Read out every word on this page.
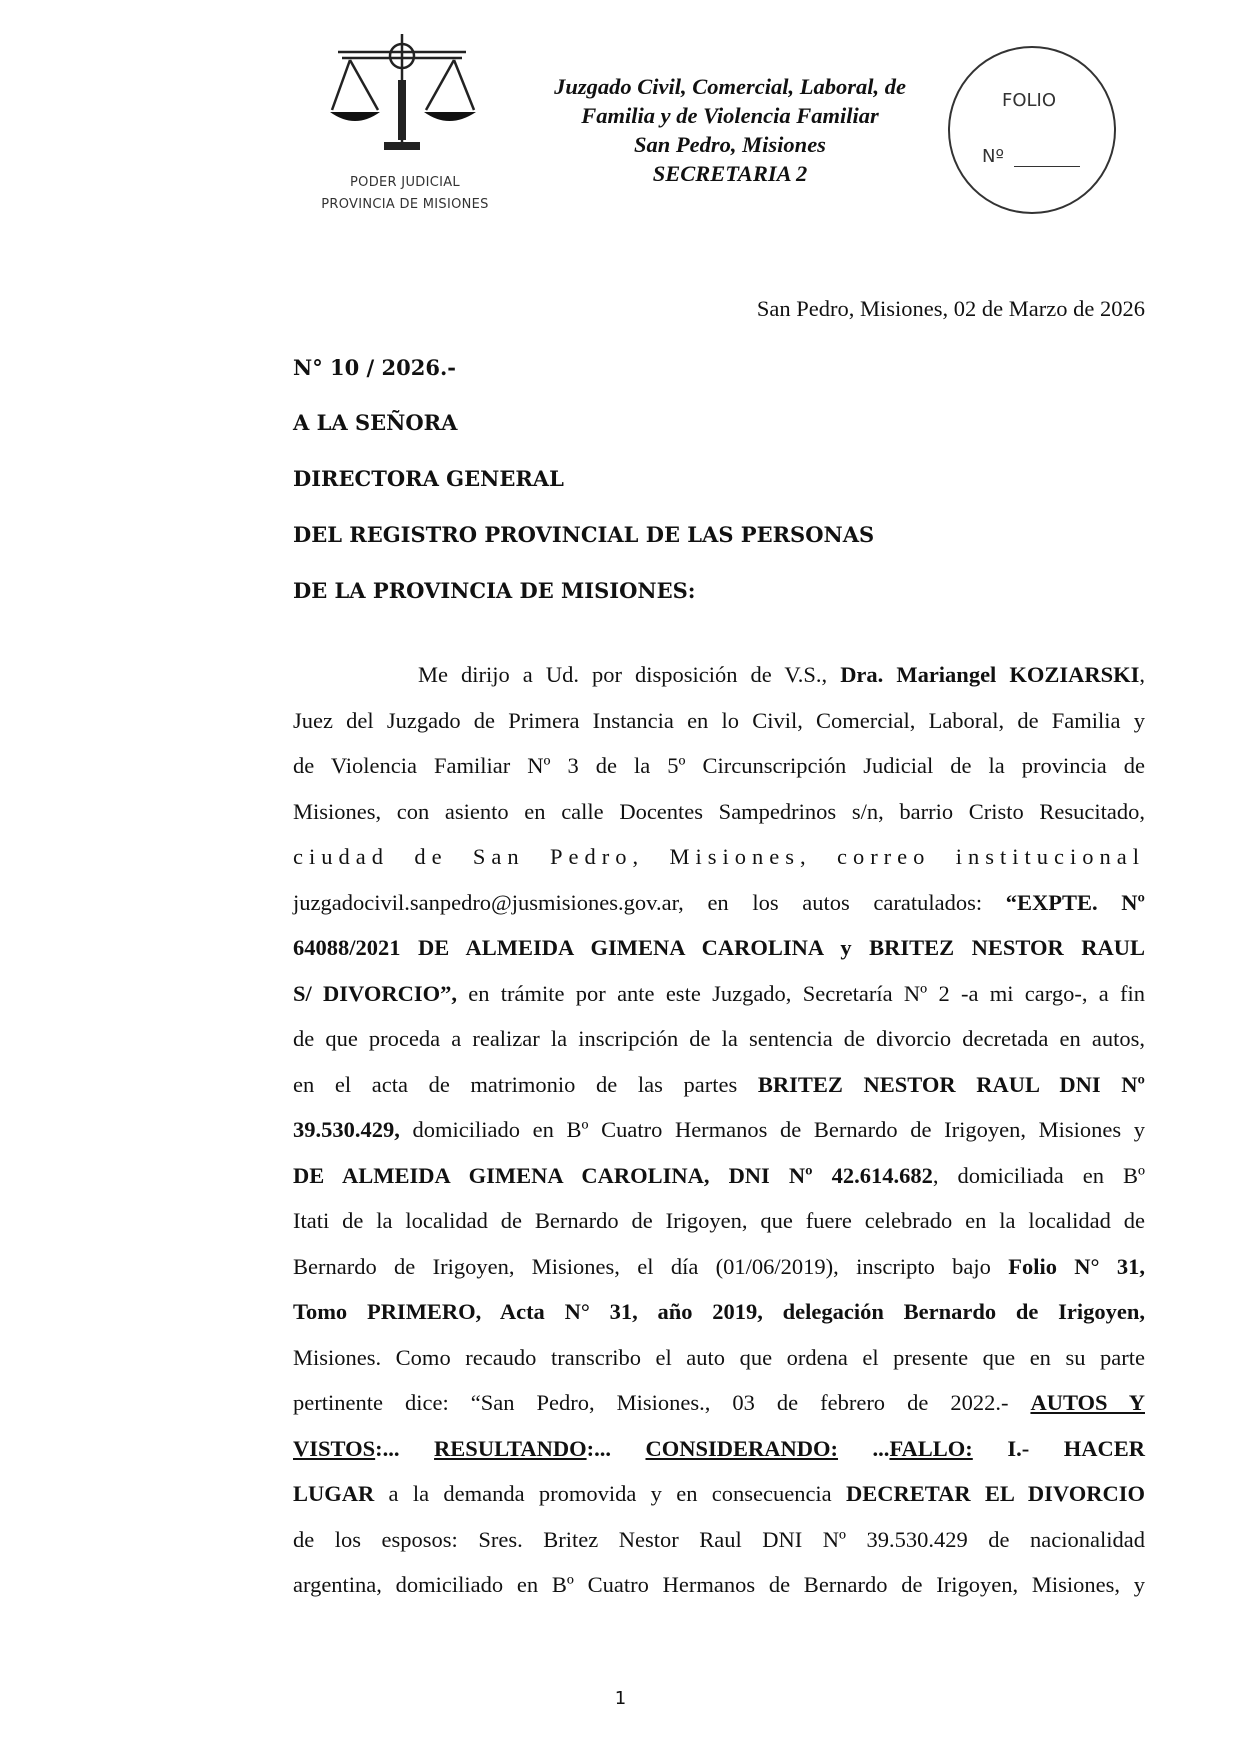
PODER JUDICIAL
PROVINCIA DE MISIONES
Juzgado Civil, Comercial, Laboral, de
Familia y de Violencia Familiar
San Pedro, Misiones
SECRETARIA 2
FOLIO
Nº
San Pedro, Misiones, 02 de Marzo de 2026
N° 10 / 2026.-
A LA SEÑORA
DIRECTORA GENERAL
DEL REGISTRO PROVINCIAL DE LAS PERSONAS
DE LA PROVINCIA DE MISIONES:
Me dirijo a Ud. por disposición de V.S., Dra. Mariangel KOZIARSKI,
Juez del Juzgado de Primera Instancia en lo Civil, Comercial, Laboral, de Familia y
de Violencia Familiar Nº 3 de la 5º Circunscripción Judicial de la provincia de
Misiones, con asiento en calle Docentes Sampedrinos s/n, barrio Cristo Resucitado,
ciudad de San Pedro, Misiones, correo institucional
juzgadocivil.sanpedro@jusmisiones.gov.ar, en los autos caratulados: “EXPTE. Nº
64088/2021 DE ALMEIDA GIMENA CAROLINA y BRITEZ NESTOR RAUL
S/ DIVORCIO”, en trámite por ante este Juzgado, Secretaría Nº 2 -a mi cargo-, a fin
de que proceda a realizar la inscripción de la sentencia de divorcio decretada en autos,
en el acta de matrimonio de las partes BRITEZ NESTOR RAUL DNI Nº
39.530.429, domiciliado en Bº Cuatro Hermanos de Bernardo de Irigoyen, Misiones y
DE ALMEIDA GIMENA CAROLINA, DNI Nº 42.614.682, domiciliada en Bº
Itati de la localidad de Bernardo de Irigoyen, que fuere celebrado en la localidad de
Bernardo de Irigoyen, Misiones, el día (01/06/2019), inscripto bajo Folio N° 31,
Tomo PRIMERO, Acta N° 31, año 2019, delegación Bernardo de Irigoyen,
Misiones. Como recaudo transcribo el auto que ordena el presente que en su parte
pertinente dice: “San Pedro, Misiones., 03 de febrero de 2022.- AUTOS Y
VISTOS:... RESULTANDO:... CONSIDERANDO: ...FALLO: I.- HACER
LUGAR a la demanda promovida y en consecuencia DECRETAR EL DIVORCIO
de los esposos: Sres. Britez Nestor Raul DNI Nº 39.530.429 de nacionalidad
argentina, domiciliado en Bº Cuatro Hermanos de Bernardo de Irigoyen, Misiones, y
1
